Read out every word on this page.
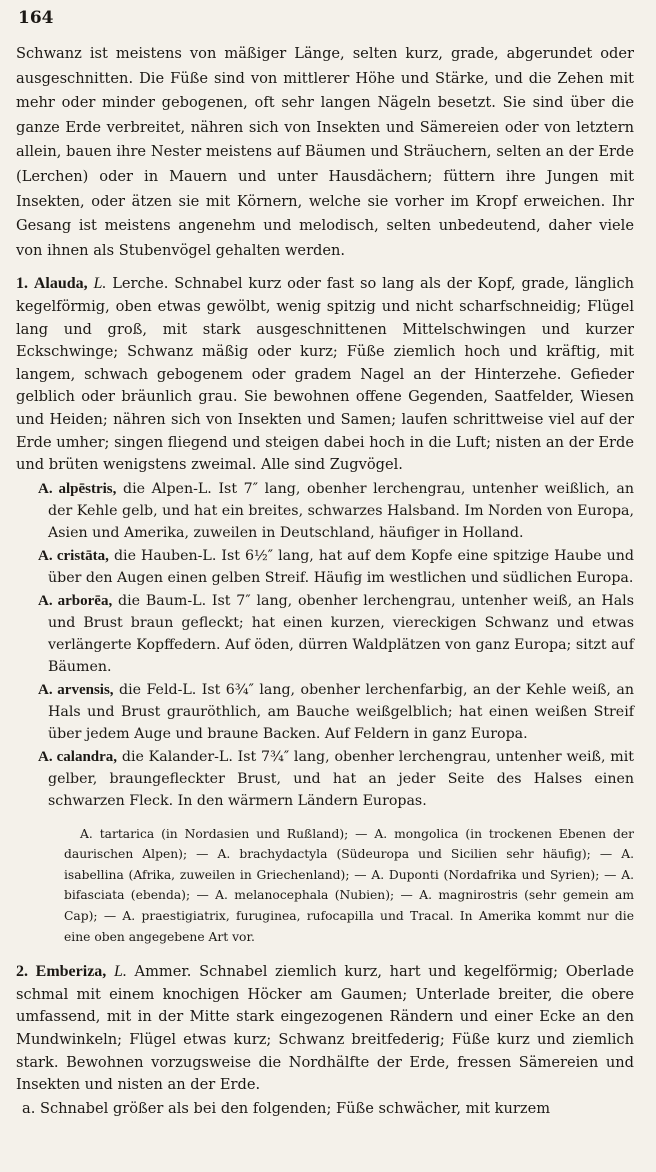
164

Schwanz ist meistens von mäßiger Länge, selten kurz, grade, abgerundet oder ausgeschnitten. Die Füße sind von mittlerer Höhe und Stärke, und die Zehen mit mehr oder minder gebogenen, oft sehr langen Nägeln besetzt. Sie sind über die ganze Erde verbreitet, nähren sich von Insekten und Sämereien oder von letztern allein, bauen ihre Nester meistens auf Bäumen und Sträuchern, selten an der Erde (Lerchen) oder in Mauern und unter Hausdächern; füttern ihre Jungen mit Insekten, oder ätzen sie mit Körnern, welche sie vorher im Kropf erweichen. Ihr Gesang ist meistens angenehm und melodisch, selten unbedeutend, daher viele von ihnen als Stubenvögel gehalten werden.

1. Alauda, L. Lerche. Schnabel kurz oder fast so lang als der Kopf, grade, länglich kegelförmig, oben etwas gewölbt, wenig spitzig und nicht scharfschneidig; Flügel lang und groß, mit stark ausgeschnittenen Mittelschwingen und kurzer Eckschwinge; Schwanz mäßig oder kurz; Füße ziemlich hoch und kräftig, mit langem, schwach gebogenem oder gradem Nagel an der Hinterzehe. Gefieder gelblich oder bräunlich grau. Sie bewohnen offene Gegenden, Saatfelder, Wiesen und Heiden; nähren sich von Insekten und Samen; laufen schrittweise viel auf der Erde umher; singen fliegend und steigen dabei hoch in die Luft; nisten an der Erde und brüten wenigstens zweimal. Alle sind Zugvögel.

A. alpēstris, die Alpen-L. Ist 7″ lang, obenher lerchengrau, untenher weißlich, an der Kehle gelb, und hat ein breites, schwarzes Halsband. Im Norden von Europa, Asien und Amerika, zuweilen in Deutschland, häufiger in Holland.

A. cristāta, die Hauben-L. Ist 6½″ lang, hat auf dem Kopfe eine spitzige Haube und über den Augen einen gelben Streif. Häufig im westlichen und südlichen Europa.

A. arborēa, die Baum-L. Ist 7″ lang, obenher lerchengrau, untenher weiß, an Hals und Brust braun gefleckt; hat einen kurzen, viereckigen Schwanz und etwas verlängerte Kopffedern. Auf öden, dürren Waldplätzen von ganz Europa; sitzt auf Bäumen.

A. arvensis, die Feld-L. Ist 6¾″ lang, obenher lerchenfarbig, an der Kehle weiß, an Hals und Brust grauröthlich, am Bauche weißgelblich; hat einen weißen Streif über jedem Auge und braune Backen. Auf Feldern in ganz Europa.

A. calandra, die Kalander-L. Ist 7¾″ lang, obenher lerchengrau, untenher weiß, mit gelber, braungefleckter Brust, und hat an jeder Seite des Halses einen schwarzen Fleck. In den wärmern Ländern Europas.

A. tartarica (in Nordasien und Rußland); — A. mongolica (in trockenen Ebenen der daurischen Alpen); — A. brachydactyla (Südeuropa und Sicilien sehr häufig); — A. isabellina (Afrika, zuweilen in Griechenland); — A. Duponti (Nordafrika und Syrien); — A. bifasciata (ebenda); — A. melanocephala (Nubien); — A. magnirostris (sehr gemein am Cap); — A. praestigiatrix, furuginea, rufocapilla und Tracal. In Amerika kommt nur die eine oben angegebene Art vor.

2. Emberiza, L. Ammer. Schnabel ziemlich kurz, hart und kegelförmig; Oberlade schmal mit einem knochigen Höcker am Gaumen; Unterlade breiter, die obere umfassend, mit in der Mitte stark eingezogenen Rändern und einer Ecke an den Mundwinkeln; Flügel etwas kurz; Schwanz breitfederig; Füße kurz und ziemlich stark. Bewohnen vorzugsweise die Nordhälfte der Erde, fressen Sämereien und Insekten und nisten an der Erde.

a. Schnabel größer als bei den folgenden; Füße schwächer, mit kurzem
